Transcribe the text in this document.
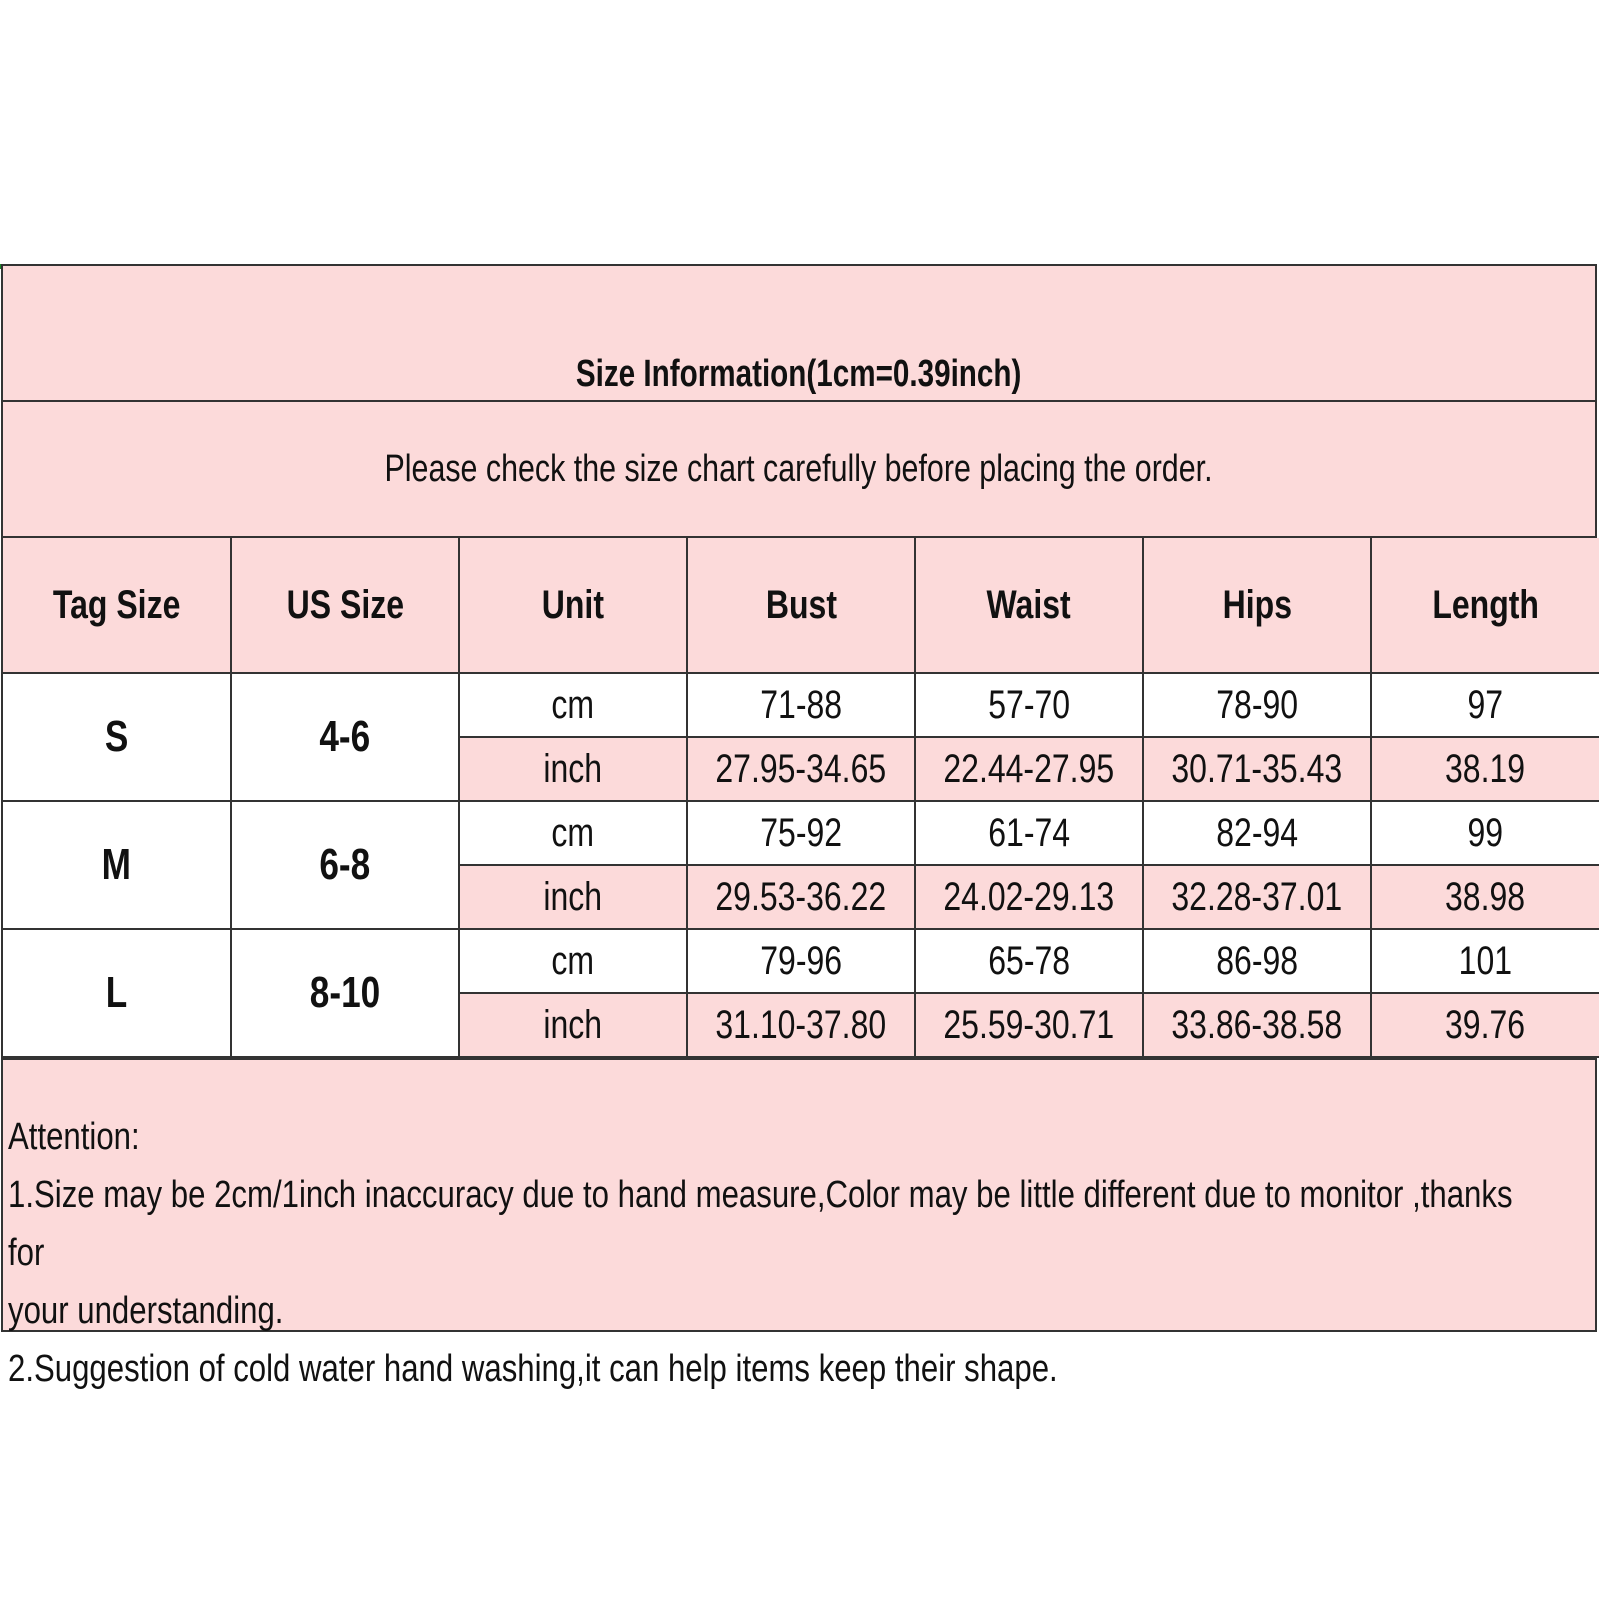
Size Information(1cm=0.39inch)
Please check the size chart carefully before placing the order.
Tag Size	US Size	Unit	Bust	Waist	Hips	Length
S	4-6	cm	71-88	57-70	78-90	97
		inch	27.95-34.65	22.44-27.95	30.71-35.43	38.19
M	6-8	cm	75-92	61-74	82-94	99
		inch	29.53-36.22	24.02-29.13	32.28-37.01	38.98
L	8-10	cm	79-96	65-78	86-98	101
		inch	31.10-37.80	25.59-30.71	33.86-38.58	39.76

Attention:

1.Size may be 2cm/1inch inaccuracy due to hand measure,Color may be little different due to monitor ,thanks for

your understanding.

2.Suggestion of cold water hand washing,it can help items keep their shape.
